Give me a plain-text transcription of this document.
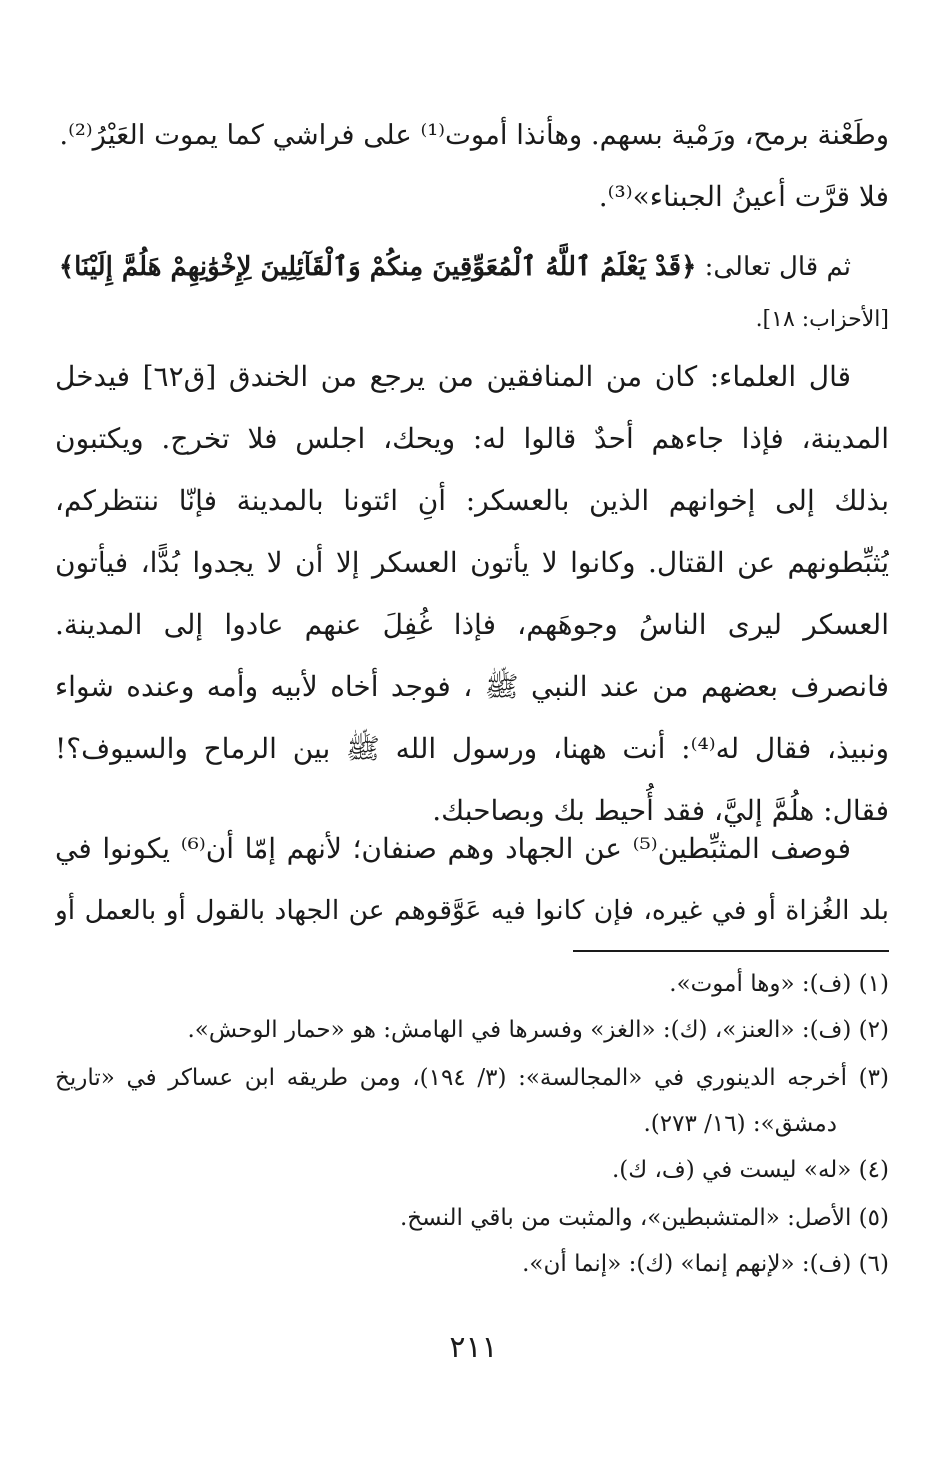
وطَعْنة برمح، ورَمْية بسهم. وهأنذا أموت⁽¹⁾ على فراشي كما يموت العَيْرُ⁽²⁾.
فلا قرَّت أعينُ الجبناء»⁽³⁾.
ثم قال تعالى: ﴿قَدْ يَعْلَمُ ٱللَّهُ ٱلْمُعَوِّقِينَ مِنكُمْ وَٱلْقَآئِلِينَ لِإِخْوَٰنِهِمْ هَلُمَّ إِلَيْنَا﴾
[الأحزاب: ١٨].
قال العلماء: كان من المنافقين من يرجع من الخندق [ق٦٢] فيدخل
المدينة، فإذا جاءهم أحدٌ قالوا له: ويحك، اجلس فلا تخرج. ويكتبون
بذلك إلى إخوانهم الذين بالعسكر: أنِ ائتونا بالمدينة فإنّا ننتظركم،
يُثبِّطونهم عن القتال. وكانوا لا يأتون العسكر إلا أن لا يجدوا بُدًّا، فيأتون
العسكر ليرى الناسُ وجوهَهم، فإذا غُفِلَ عنهم عادوا إلى المدينة.
فانصرف بعضهم من عند النبي ﷺ ، فوجد أخاه لأبيه وأمه وعنده شواء
ونبيذ، فقال له⁽⁴⁾: أنت ههنا، ورسول الله ﷺ بين الرماح والسيوف؟!
فقال: هلُمَّ إليَّ، فقد أُحيط بك وبصاحبك.
فوصف المثبِّطين⁽⁵⁾ عن الجهاد وهم صنفان؛ لأنهم إمّا أن⁽⁶⁾ يكونوا في
بلد الغُزاة أو في غيره، فإن كانوا فيه عَوَّقوهم عن الجهاد بالقول أو بالعمل أو
(١) (ف): «وها أموت».
(٢) (ف): «العنز»، (ك): «الغز» وفسرها في الهامش: هو «حمار الوحش».
(٣) أخرجه الدينوري في «المجالسة»: (٣/ ١٩٤)، ومن طريقه ابن عساكر في «تاريخ
دمشق»: (١٦/ ٢٧٣).
(٤) «له» ليست في (ف، ك).
(٥) الأصل: «المتشبطين»، والمثبت من باقي النسخ.
(٦) (ف): «لإنهم إنما» (ك): «إنما أن».
٢١١
